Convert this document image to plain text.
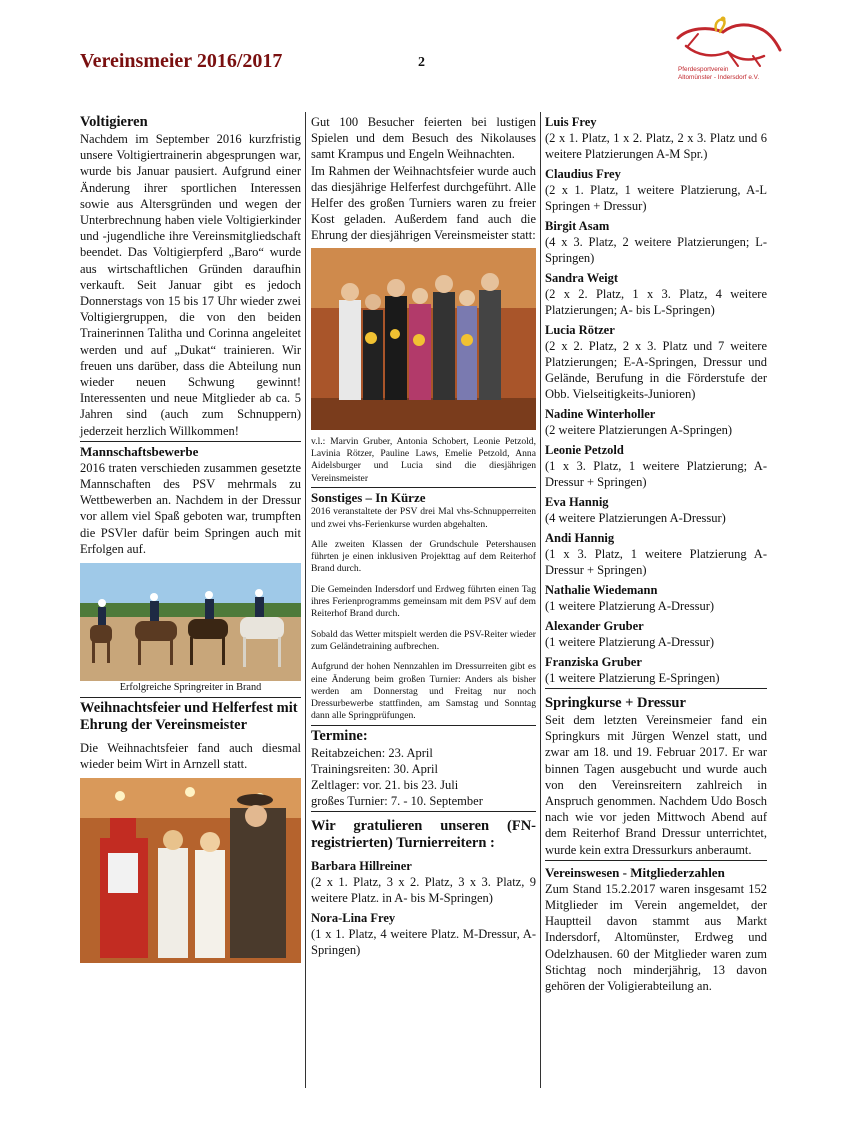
Vereinsmeier 2016/2017	2	Pferdesportverein
Altomünster - Indersdorf e.V.
Voltigieren

Nachdem im September 2016 kurzfristig unsere Voltigiertrainerin abgesprungen war, wurde bis Januar pausiert. Aufgrund einer Änderung ihrer sportlichen Interessen sowie aus Altersgründen und wegen der Unterbrechnung haben viele Voltigierkinder und -jugendliche ihre Vereinsmitgliedschaft beendet. Das Voltigierpferd „Baro“ wurde aus wirtschaftlichen Gründen daraufhin verkauft. Seit Januar gibt es jedoch Donnerstags von 15 bis 17 Uhr wieder zwei Voltigiergruppen, die von den beiden Trainerinnen Talitha und Corinna angeleitet werden und auf „Dukat“ trainieren. Wir freuen uns darüber, dass die Abteilung nun wieder neuen Schwung gewinnt! Interessenten und neue Mitglieder ab ca. 5 Jahren sind (auch zum Schnuppern) jederzeit herzlich Willkommen!

Mannschaftsbewerbe

2016 traten verschieden zusammen gesetzte Mannschaften des PSV mehrmals zu Wettbewerben an. Nachdem in der Dressur vor allem viel Spaß geboten war, trumpften die PSVler dafür beim Springen auch mit Erfolgen auf.

Erfolgreiche Springreiter in Brand
Weihnachtsfeier und Helferfest mit Ehrung der Vereinsmeister

Die Weihnachtsfeier fand auch diesmal wieder beim Wirt in Arnzell statt.

Gut 100 Besucher feierten bei lustigen Spielen und dem Besuch des Nikolauses samt Krampus und Engeln Weihnachten.

Im Rahmen der Weihnachtsfeier wurde auch das diesjährige Helferfest durchgeführt. Alle Helfer des großen Turniers waren zu freier Kost geladen. Außerdem fand auch die Ehrung der diesjährigen Vereinsmeister statt:

v.l.: Marvin Gruber, Antonia Schobert, Leonie Petzold, Lavinia Rötzer, Pauline Laws, Emelie Petzold, Anna Aidelsburger und Lucia sind die diesjährigen Vereinsmeister
Sonstiges – In Kürze

2016 veranstaltete der PSV drei Mal vhs-Schnupperreiten und zwei vhs-Ferienkurse wurden abgehalten.

Alle zweiten Klassen der Grundschule Petershausen führten je einen inklusiven Projekttag auf dem Reiterhof Brand durch.

Die Gemeinden Indersdorf und Erdweg führten einen Tag ihres Ferienprogramms gemeinsam mit dem PSV auf dem Reiterhof Brand durch.

Sobald das Wetter mitspielt werden die PSV-Reiter wieder zum Geländetraining aufbrechen.

Aufgrund der hohen Nennzahlen im Dressurreiten gibt es eine Änderung beim großen Turnier: Anders als bisher werden am Donnerstag und Freitag nur noch Dressurbewerbe stattfinden, am Samstag und Sonntag dann alle Springprüfungen.

Termine:

Reitabzeichen: 23. April

Trainingsreiten: 30. April

Zeltlager: vor. 21. bis 23. Juli

großes Turnier: 7. - 10. September

Wir gratulieren unseren (FN-registrierten) Turnierreitern :

Barbara Hillreiner

(2 x 1. Platz, 3 x 2. Platz, 3 x 3. Platz, 9 weitere Platz. in A- bis M-Springen)

Nora-Lina Frey

(1 x 1. Platz, 4 weitere Platz. M-Dressur, A-Springen)

Luis Frey

(2 x 1. Platz, 1 x 2. Platz, 2 x 3. Platz und 6 weitere Platzierungen A-M Spr.)

Claudius Frey

(2 x 1. Platz, 1 weitere Platzierung, A-L Springen + Dressur)

Birgit Asam

(4 x 3. Platz, 2 weitere Platzierungen; L-Springen)

Sandra Weigt

(2 x 2. Platz, 1 x 3. Platz, 4 weitere Platzierungen; A- bis L-Springen)

Lucia Rötzer

(2 x 2. Platz, 2 x 3. Platz und 7 weitere Platzierungen; E-A-Springen, Dressur und Gelände, Berufung in die Förderstufe der Obb. Vielseitigkeits-Junioren)

Nadine Winterholler

(2 weitere Platzierungen A-Springen)

Leonie Petzold

(1 x 3. Platz, 1 weitere Platzierung; A-Dressur + Springen)

Eva Hannig

(4 weitere Platzierungen A-Dressur)

Andi Hannig

(1 x 3. Platz, 1 weitere Platzierung A-Dressur + Springen)

Nathalie Wiedemann

(1 weitere Platzierung A-Dressur)

Alexander Gruber

(1 weitere Platzierung A-Dressur)

Franziska Gruber

(1 weitere Platzierung E-Springen)

Springkurse + Dressur

Seit dem letzten Vereinsmeier fand ein Springkurs mit Jürgen Wenzel statt, und zwar am 18. und 19. Februar 2017. Er war binnen Tagen ausgebucht und wurde auch von den Vereinsreitern zahlreich in Anspruch genommen. Nachdem Udo Bosch nach wie vor jeden Mittwoch Abend auf dem Reiterhof Brand Dressur unterrichtet, wurde kein extra Dressurkurs anberaumt.

Vereinswesen - Mitgliederzahlen

Zum Stand 15.2.2017 waren insgesamt 152 Mitglieder im Verein angemeldet, der Hauptteil davon stammt aus Markt Indersdorf, Altomünster, Erdweg und Odelzhausen. 60 der Mitglieder waren zum Stichtag noch minderjährig, 13 davon gehören der Voligierabteilung an.
